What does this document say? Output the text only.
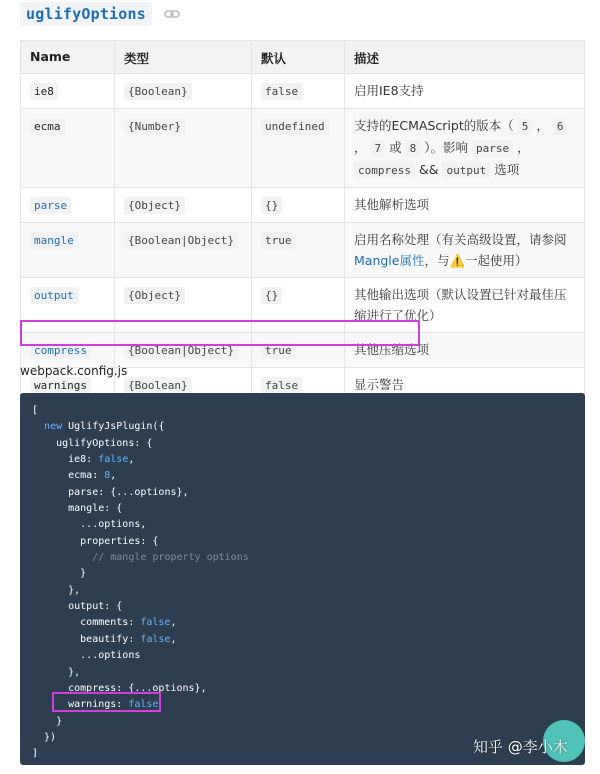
uglifyOptions
Name	类型	默认	描述
ie8	{Boolean}	false	启用IE8支持
ecma	{Number}	undefined	支持的ECMAScript的版本（ 5 ， 6 ， 7 或 8 ）。影响 parse ， compress && output 选项
parse	{Object}	{}	其他解析选项
mangle	{Boolean|Object}	true	启用名称处理（有关高级设置，请参阅Mangle属性，与⚠️一起使用）
output	{Object}	{}	其他输出选项（默认设置已针对最佳压缩进行了优化）
compress	{Boolean|Object}	true	其他压缩选项
warnings	{Boolean}	false	显示警告
webpack.config.js
[
new UglifyJsPlugin({
uglifyOptions: {
ie8: false,
ecma: 8,
parse: {...options},
mangle: {
...options,
properties: {
// mangle property options
}
},
output: {
comments: false,
beautify: false,
...options
},
compress: {...options},
warnings: false
}
})
]	知乎 @李小木
